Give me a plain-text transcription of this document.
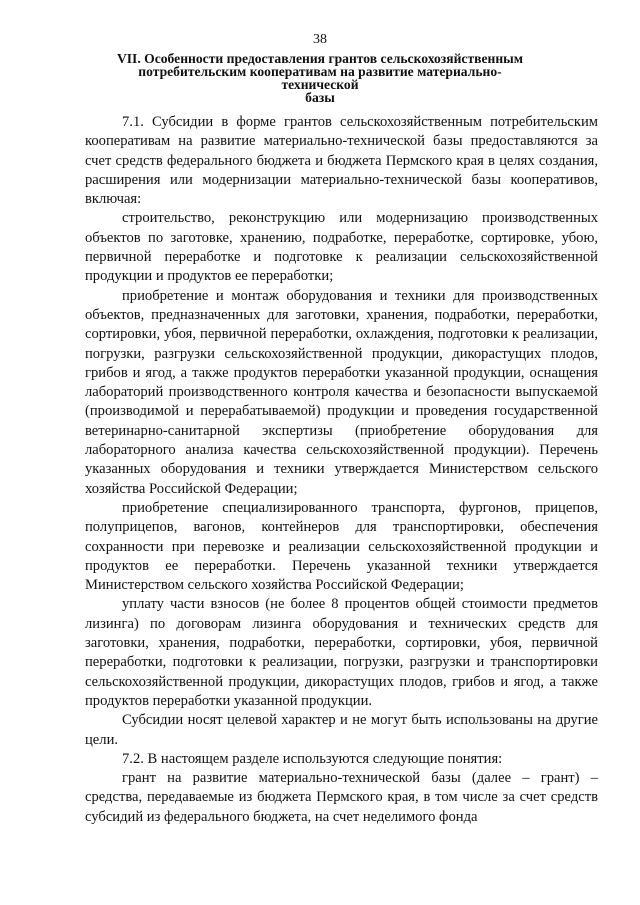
38
VII. Особенности предоставления грантов сельскохозяйственным
потребительским кооперативам на развитие материально-технической
базы

7.1. Субсидии в форме грантов сельскохозяйственным потребительским кооперативам на развитие материально-технической базы предоставляются за счет средств федерального бюджета и бюджета Пермского края в целях создания, расширения или модернизации материально-технической базы кооперативов, включая:

строительство, реконструкцию или модернизацию производственных объектов по заготовке, хранению, подработке, переработке, сортировке, убою, первичной переработке и подготовке к реализации сельскохозяйственной продукции и продуктов ее переработки;

приобретение и монтаж оборудования и техники для производственных объектов, предназначенных для заготовки, хранения, подработки, переработки, сортировки, убоя, первичной переработки, охлаждения, подготовки к реализации, погрузки, разгрузки сельскохозяйственной продукции, дикорастущих плодов, грибов и ягод, а также продуктов переработки указанной продукции, оснащения лабораторий производственного контроля качества и безопасности выпускаемой (производимой и перерабатываемой) продукции и проведения государственной ветеринарно-санитарной экспертизы (приобретение оборудования для лабораторного анализа качества сельскохозяйственной продукции). Перечень указанных оборудования и техники утверждается Министерством сельского хозяйства Российской Федерации;

приобретение специализированного транспорта, фургонов, прицепов, полуприцепов, вагонов, контейнеров для транспортировки, обеспечения сохранности при перевозке и реализации сельскохозяйственной продукции и продуктов ее переработки. Перечень указанной техники утверждается Министерством сельского хозяйства Российской Федерации;

уплату части взносов (не более 8 процентов общей стоимости предметов лизинга) по договорам лизинга оборудования и технических средств для заготовки, хранения, подработки, переработки, сортировки, убоя, первичной переработки, подготовки к реализации, погрузки, разгрузки и транспортировки сельскохозяйственной продукции, дикорастущих плодов, грибов и ягод, а также продуктов переработки указанной продукции.

Субсидии носят целевой характер и не могут быть использованы на другие цели.

7.2. В настоящем разделе используются следующие понятия:

грант на развитие материально-технической базы (далее – грант) – средства, передаваемые из бюджета Пермского края, в том числе за счет средств субсидий из федерального бюджета, на счет неделимого фонда
